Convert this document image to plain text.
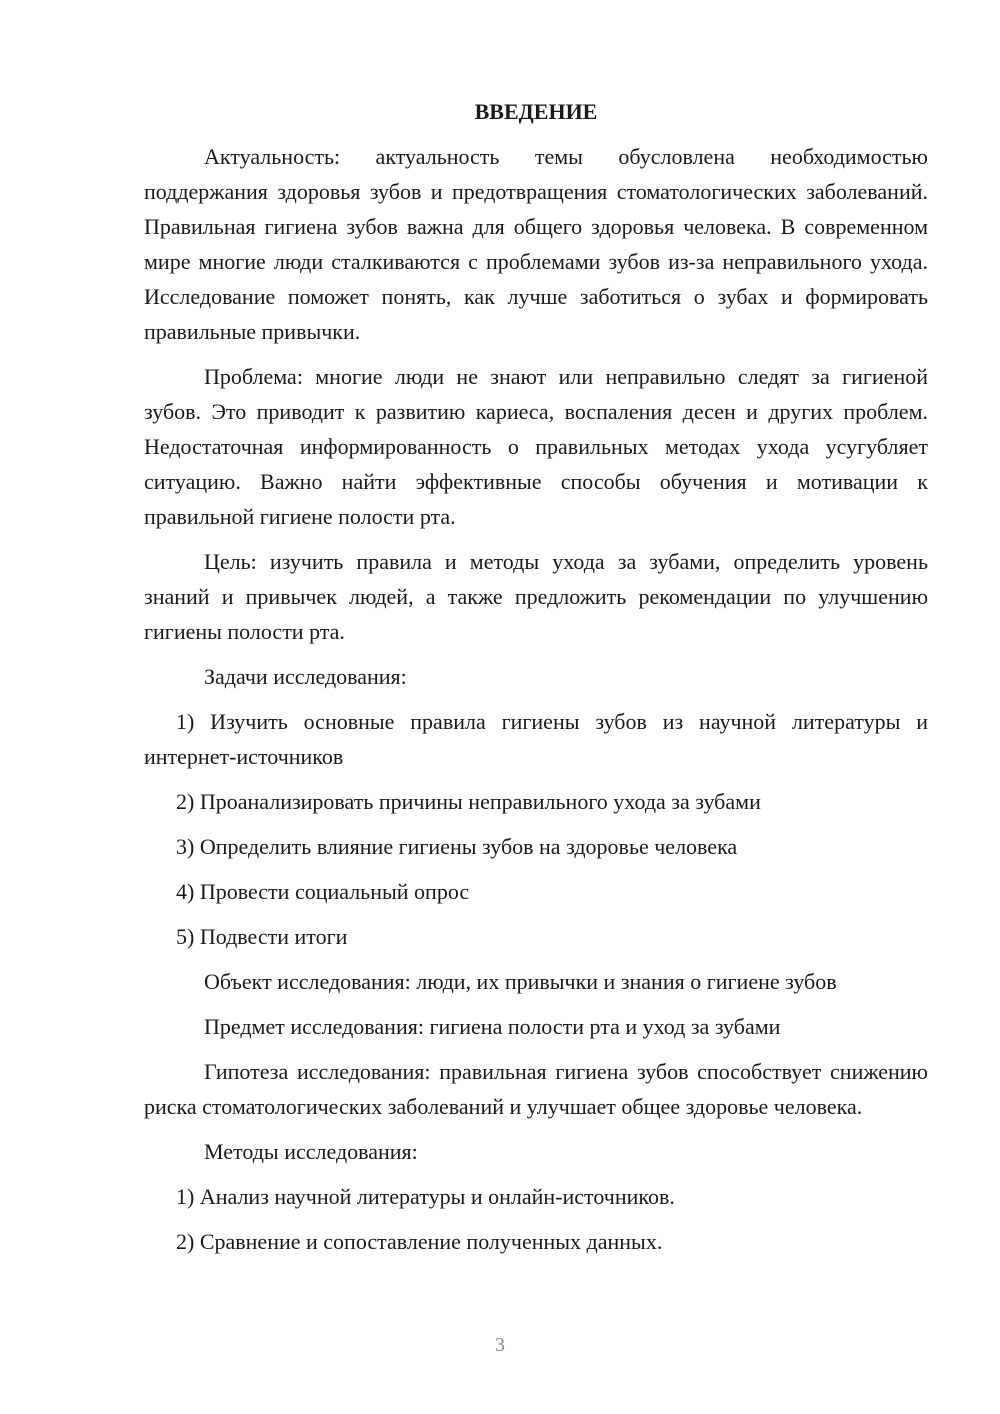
ВВЕДЕНИЕ

Актуальность: актуальность темы обусловлена необходимостью поддержания здоровья зубов и предотвращения стоматологических заболеваний. Правильная гигиена зубов важна для общего здоровья человека. В современном мире многие люди сталкиваются с проблемами зубов из-за неправильного ухода. Исследование поможет понять, как лучше заботиться о зубах и формировать правильные привычки.

Проблема: многие люди не знают или неправильно следят за гигиеной зубов. Это приводит к развитию кариеса, воспаления десен и других проблем. Недостаточная информированность о правильных методах ухода усугубляет ситуацию. Важно найти эффективные способы обучения и мотивации к правильной гигиене полости рта.

Цель: изучить правила и методы ухода за зубами, определить уровень знаний и привычек людей, а также предложить рекомендации по улучшению гигиены полости рта.

Задачи исследования:

1) Изучить основные правила гигиены зубов из научной литературы и интернет-источников

2) Проанализировать причины неправильного ухода за зубами

3) Определить влияние гигиены зубов на здоровье человека

4) Провести социальный опрос

5) Подвести итоги

Объект исследования: люди, их привычки и знания о гигиене зубов

Предмет исследования: гигиена полости рта и уход за зубами

Гипотеза исследования: правильная гигиена зубов способствует снижению риска стоматологических заболеваний и улучшает общее здоровье человека.

Методы исследования:

1) Анализ научной литературы и онлайн-источников.

2) Сравнение и сопоставление полученных данных.

3
